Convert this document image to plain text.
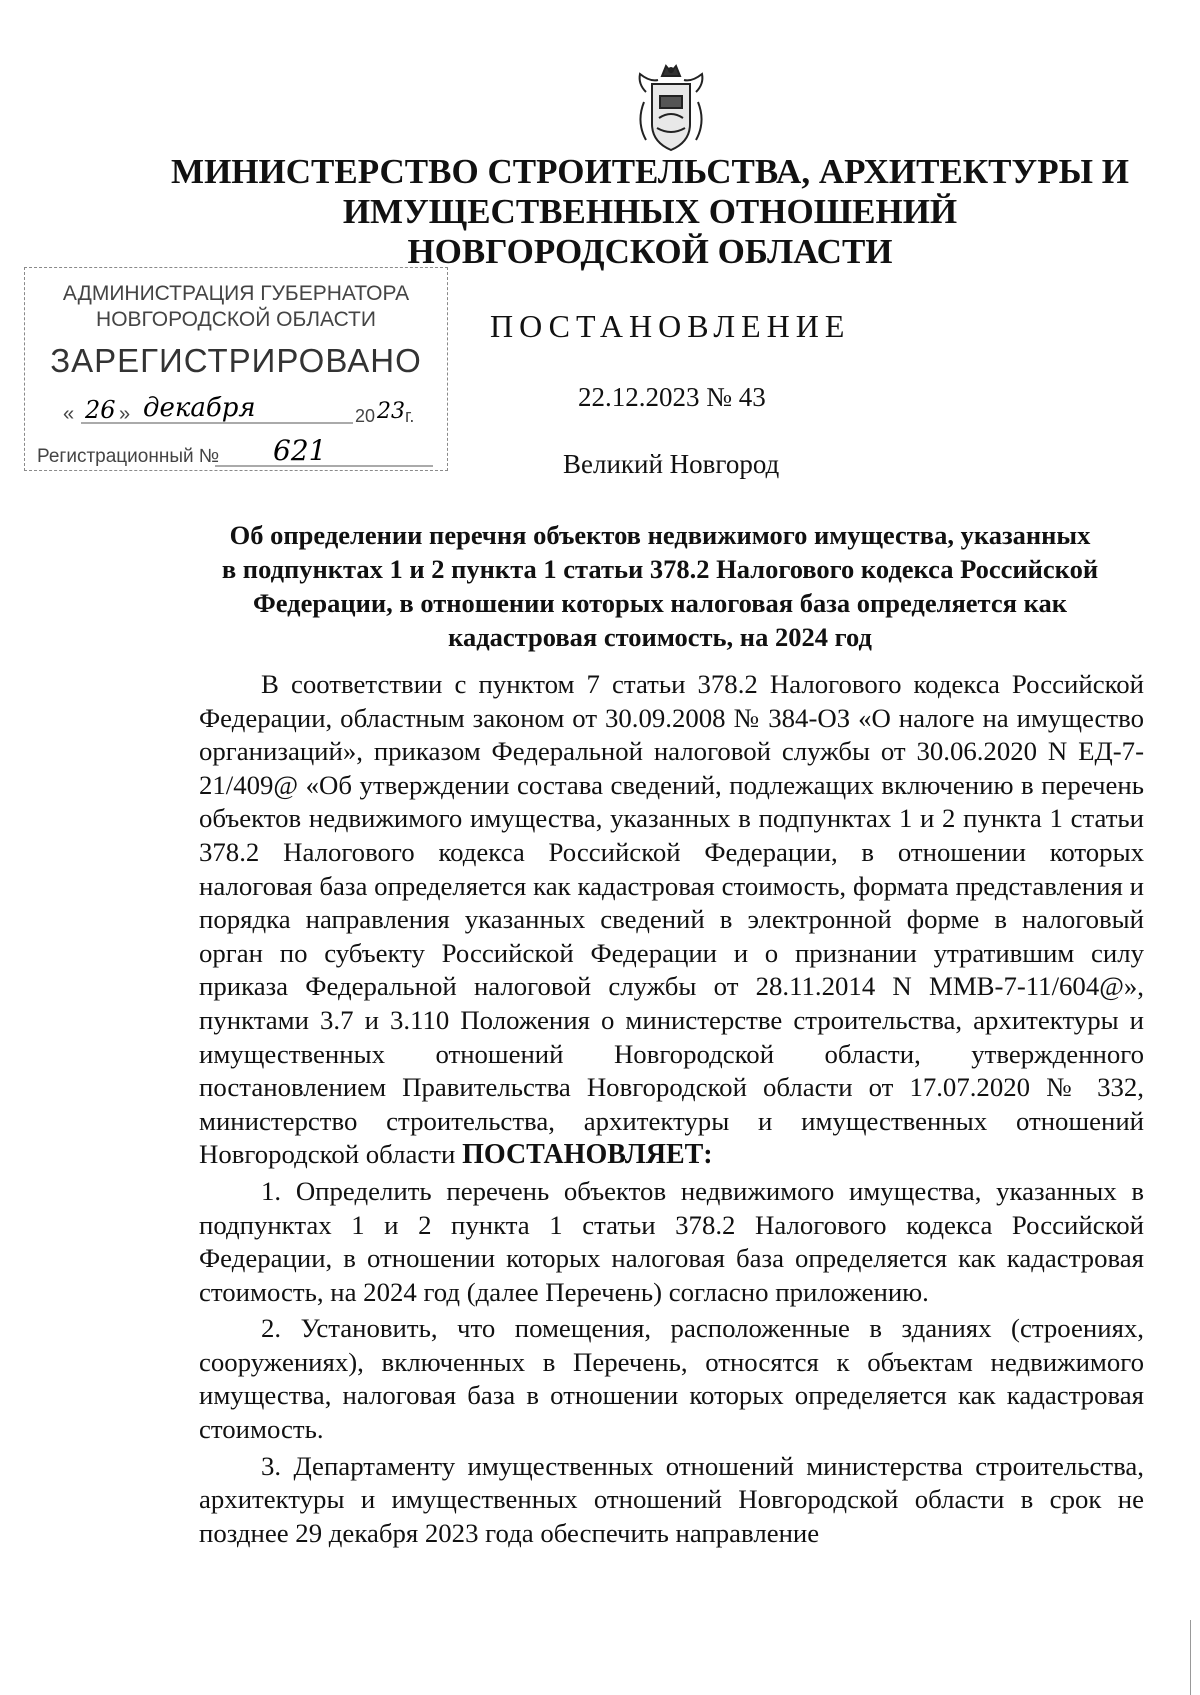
МИНИСТЕРСТВО СТРОИТЕЛЬСТВА, АРХИТЕКТУРЫ И
ИМУЩЕСТВЕННЫХ ОТНОШЕНИЙ
НОВГОРОДСКОЙ ОБЛАСТИ
АДМИНИСТРАЦИЯ ГУБЕРНАТОРА
НОВГОРОДСКОЙ ОБЛАСТИ
ЗАРЕГИСТРИРОВАНО
« 26 » декабря	20 23 г.
Регистрационный № 621
ПОСТАНОВЛЕНИЕ
22.12.2023 № 43
Великий Новгород
Об определении перечня объектов недвижимого имущества, указанных
в подпунктах 1 и 2 пункта 1 статьи 378.2 Налогового кодекса Российской
Федерации, в отношении которых налоговая база определяется как
кадастровая стоимость, на 2024 год

В соответствии с пунктом 7 статьи 378.2 Налогового кодекса Российской Федерации, областным законом от 30.09.2008 № 384-ОЗ «О налоге на имущество организаций», приказом Федеральной налоговой службы от 30.06.2020 N ЕД-7-21/409@ «Об утверждении состава сведений, подлежащих включению в перечень объектов недвижимого имущества, указанных в подпунктах 1 и 2 пункта 1 статьи 378.2 Налогового кодекса Российской Федерации, в отношении которых налоговая база определяется как кадастровая стоимость, формата представления и порядка направления указанных сведений в электронной форме в налоговый орган по субъекту Российской Федерации и о признании утратившим силу приказа Федеральной налоговой службы от 28.11.2014 N ММВ-7-11/604@», пунктами 3.7 и 3.110 Положения о министерстве строительства, архитектуры и имущественных отношений Новгородской области, утвержденного постановлением Правительства Новгородской области от 17.07.2020 № 332, министерство строительства, архитектуры и имущественных отношений Новгородской области ПОСТАНОВЛЯЕТ:

1. Определить перечень объектов недвижимого имущества, указанных в подпунктах 1 и 2 пункта 1 статьи 378.2 Налогового кодекса Российской Федерации, в отношении которых налоговая база определяется как кадастровая стоимость, на 2024 год (далее Перечень) согласно приложению.

2. Установить, что помещения, расположенные в зданиях (строениях, сооружениях), включенных в Перечень, относятся к объектам недвижимого имущества, налоговая база в отношении которых определяется как кадастровая стоимость.

3. Департаменту имущественных отношений министерства строительства, архитектуры и имущественных отношений Новгородской области в срок не позднее 29 декабря 2023 года обеспечить направление
